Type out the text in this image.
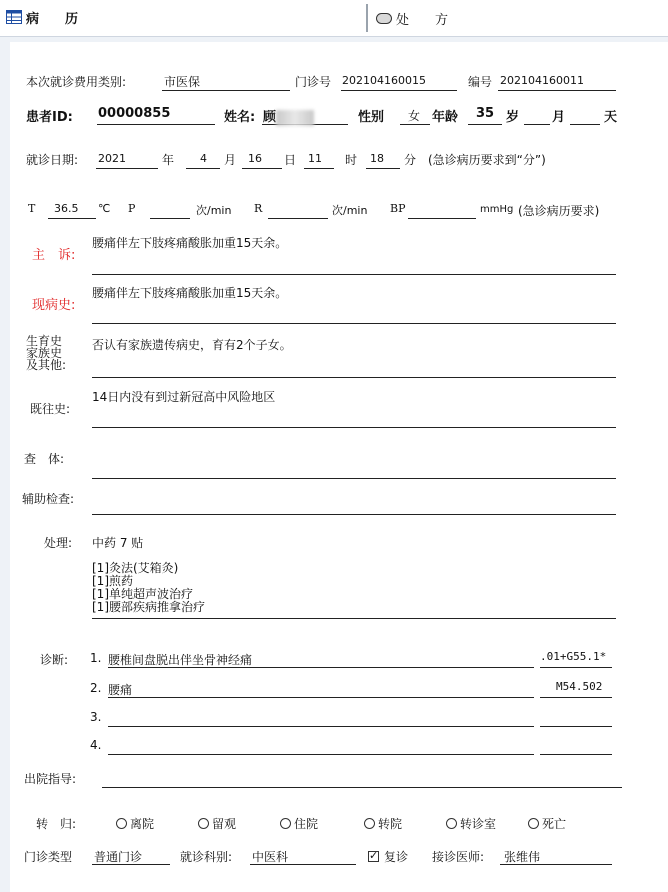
病　　历	处　　方
本次就诊费用类别:	市医保	门诊号 202104160015	编号 202104160011
患者ID: 00000855	姓名: 顾	性别 女 年龄 35 岁	月	天
就诊日期: 2021	年 4 月 16 日 11 时 18 分 (急诊病历要求到“分”)
T 36.5 ℃ P	次/min R	次/min BP	mmHg (急诊病历要求)
主　诉:
腰痛伴左下肢疼痛酸胀加重15天余。
现病史:
腰痛伴左下肢疼痛酸胀加重15天余。
生育史
家族史
及其他:
否认有家族遗传病史，育有2个子女。
既往史:
14日内没有到过新冠高中风险地区
查　体:
辅助检查:
处理: 中药 7 贴
[1]灸法(艾箱灸)
[1]煎药
[1]单纯超声波治疗
[1]腰部疾病推拿治疗
诊断: 1. 腰椎间盘脱出伴坐骨神经痛	.01+G55.1*
2. 腰痛	M54.502
3.
4.
出院指导:
转　归:	离院	留观	住院	转院	转诊室	死亡
门诊类型 普通门诊	就诊科别: 中医科
✓	复诊 接诊医师: 张维伟
